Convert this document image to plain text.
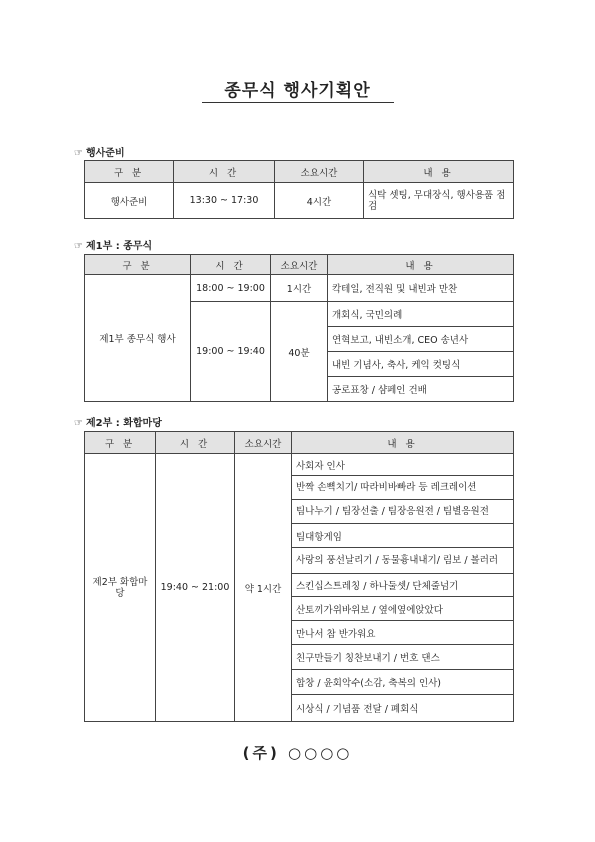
종무식 행사기획안
☞ 행사준비
구 분	시 간	소요시간	내 용
행사준비	13:30 ~ 17:30	4시간	식탁 셋팅, 무대장식, 행사용품 점검
☞ 제1부 : 종무식
구 분	시 간	소요시간	내 용
제1부 종무식 행사	18:00 ~ 19:00	1시간	칵테일, 전직원 및 내빈과 만찬
	19:00 ~ 19:40	40분	개회식, 국민의례
			연혁보고, 내빈소개, CEO 송년사
			내빈 기념사, 축사, 케익 컷팅식
			공로표창 / 샴페인 건배
☞ 제2부 : 화합마당
구 분	시 간	소요시간	내 용
제2부 화합마당	19:40 ~ 21:00	약 1시간	사회자 인사
			반짝 손뼉치기/ 따라비바빠라 등 레크레이션
			팀나누기 / 팀장선출 / 팀장응원전 / 팀별응원전
			팀대항게임
			사랑의 풍선날리기 / 동물흉내내기/ 림보 / 볼러러
			스킨십스트레칭 / 하나둘셋/ 단체줄넘기
			산토끼가위바위보 / 옆에옆에앉았다
			만나서 참 반가워요
			친구만들기 칭찬보내기 / 번호 댄스
			합창 / 윤회악수(소감, 축복의 인사)
			시상식 / 기념품 전달 / 폐회식
(주) ○○○○
